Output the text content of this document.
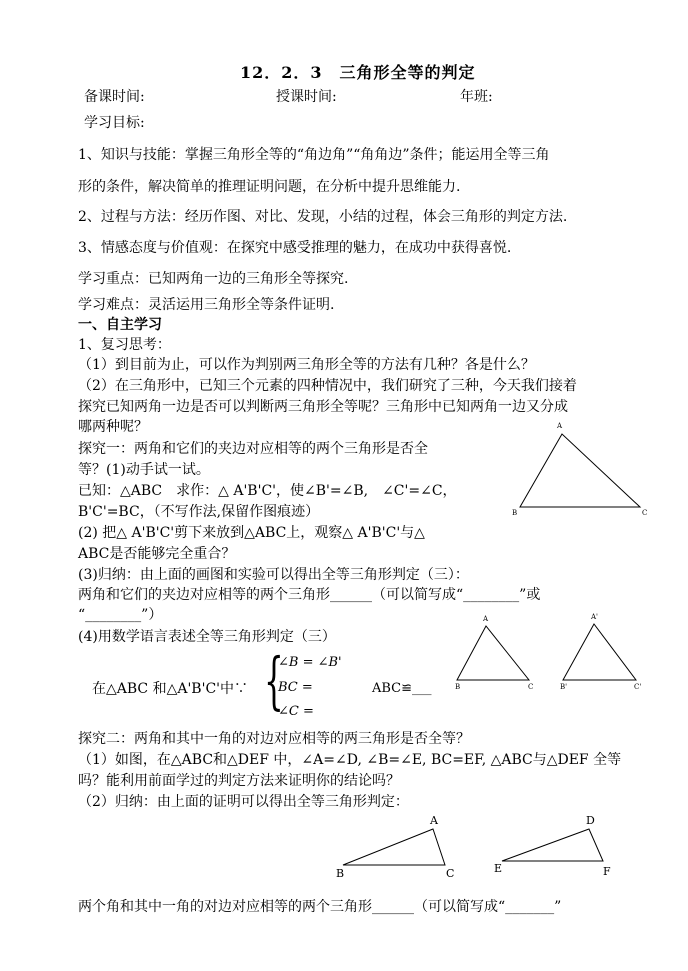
12．2．3　三角形全等的判定
备课时间:	授课时间:	年班:
学习目标:
1、知识与技能：掌握三角形全等的“角边角”“角角边”条件；能运用全等三角
形的条件，解决简单的推理证明问题，在分析中提升思维能力.
2、过程与方法：经历作图、对比、发现，小结的过程，体会三角形的判定方法.
3、情感态度与价值观：在探究中感受推理的魅力，在成功中获得喜悦.
学习重点：已知两角一边的三角形全等探究.
学习难点：灵活运用三角形全等条件证明.
一、自主学习
1、复习思考：
（1）到目前为止，可以作为判别两三角形全等的方法有几种？各是什么？
（2）在三角形中，已知三个元素的四种情况中，我们研究了三种，今天我们接着
探究已知两角一边是否可以判断两三角形全等呢？三角形中已知两角一边又分成
哪两种呢？
探究一：两角和它们的夹边对应相等的两个三角形是否全
等？(1)动手试一试。
已知：△ABC　求作：△ A'B'C'，使∠B'=∠B,　∠C'=∠C，
B'C'=BC，（不写作法,保留作图痕迹）
(2) 把△ A'B'C'剪下来放到△ABC上，观察△ A'B'C'与△
ABC是否能够完全重合？
(3)归纳：由上面的画图和实验可以得出全等三角形判定（三）：
两角和它们的夹边对应相等的两个三角形______（可以简写成“________”或
“________”）
(4)用数学语言表述全等三角形判定（三）
在△ABC 和△A'B'C'中∵ {
∠B = ∠B'
BC =
∠C =
ABC≌___
探究二：两角和其中一角的对边对应相等的两三角形是否全等？
（1）如图，在△ABC和△DEF 中，∠A=∠D, ∠B=∠E, BC=EF, △ABC与△DEF 全等
吗？能利用前面学过的判定方法来证明你的结论吗？
（2）归纳：由上面的证明可以得出全等三角形判定：
两个角和其中一角的对边对应相等的两个三角形______（可以简写成“_______”
A
B	C
A
B	C
A'
B'	C'
A
B	C
D
E	F
